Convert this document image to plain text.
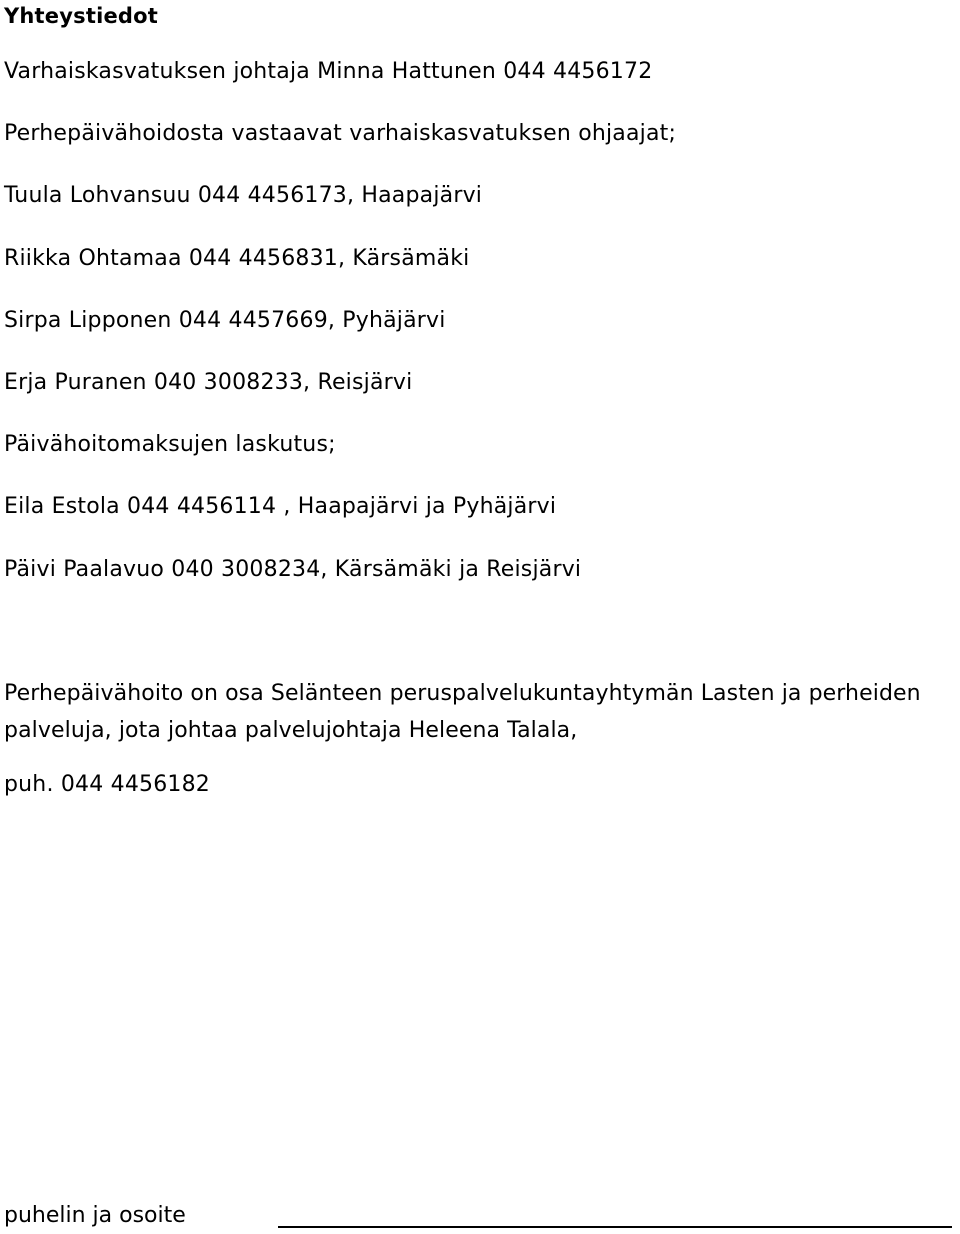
Yhteystiedot
Varhaiskasvatuksen johtaja Minna Hattunen 044 4456172
Perhepäivähoidosta vastaavat varhaiskasvatuksen ohjaajat;
Tuula Lohvansuu 044 4456173, Haapajärvi
Riikka Ohtamaa 044 4456831, Kärsämäki
Sirpa Lipponen 044 4457669, Pyhäjärvi
Erja Puranen 040 3008233, Reisjärvi
Päivähoitomaksujen laskutus;
Eila Estola 044 4456114 , Haapajärvi ja Pyhäjärvi
Päivi Paalavuo 040 3008234, Kärsämäki ja Reisjärvi
Perhepäivähoito on osa Selänteen peruspalvelukuntayhtymän Lasten ja perheiden palveluja, jota johtaa palvelujohtaja Heleena Talala,
puh. 044 4456182
puhelin ja osoite
